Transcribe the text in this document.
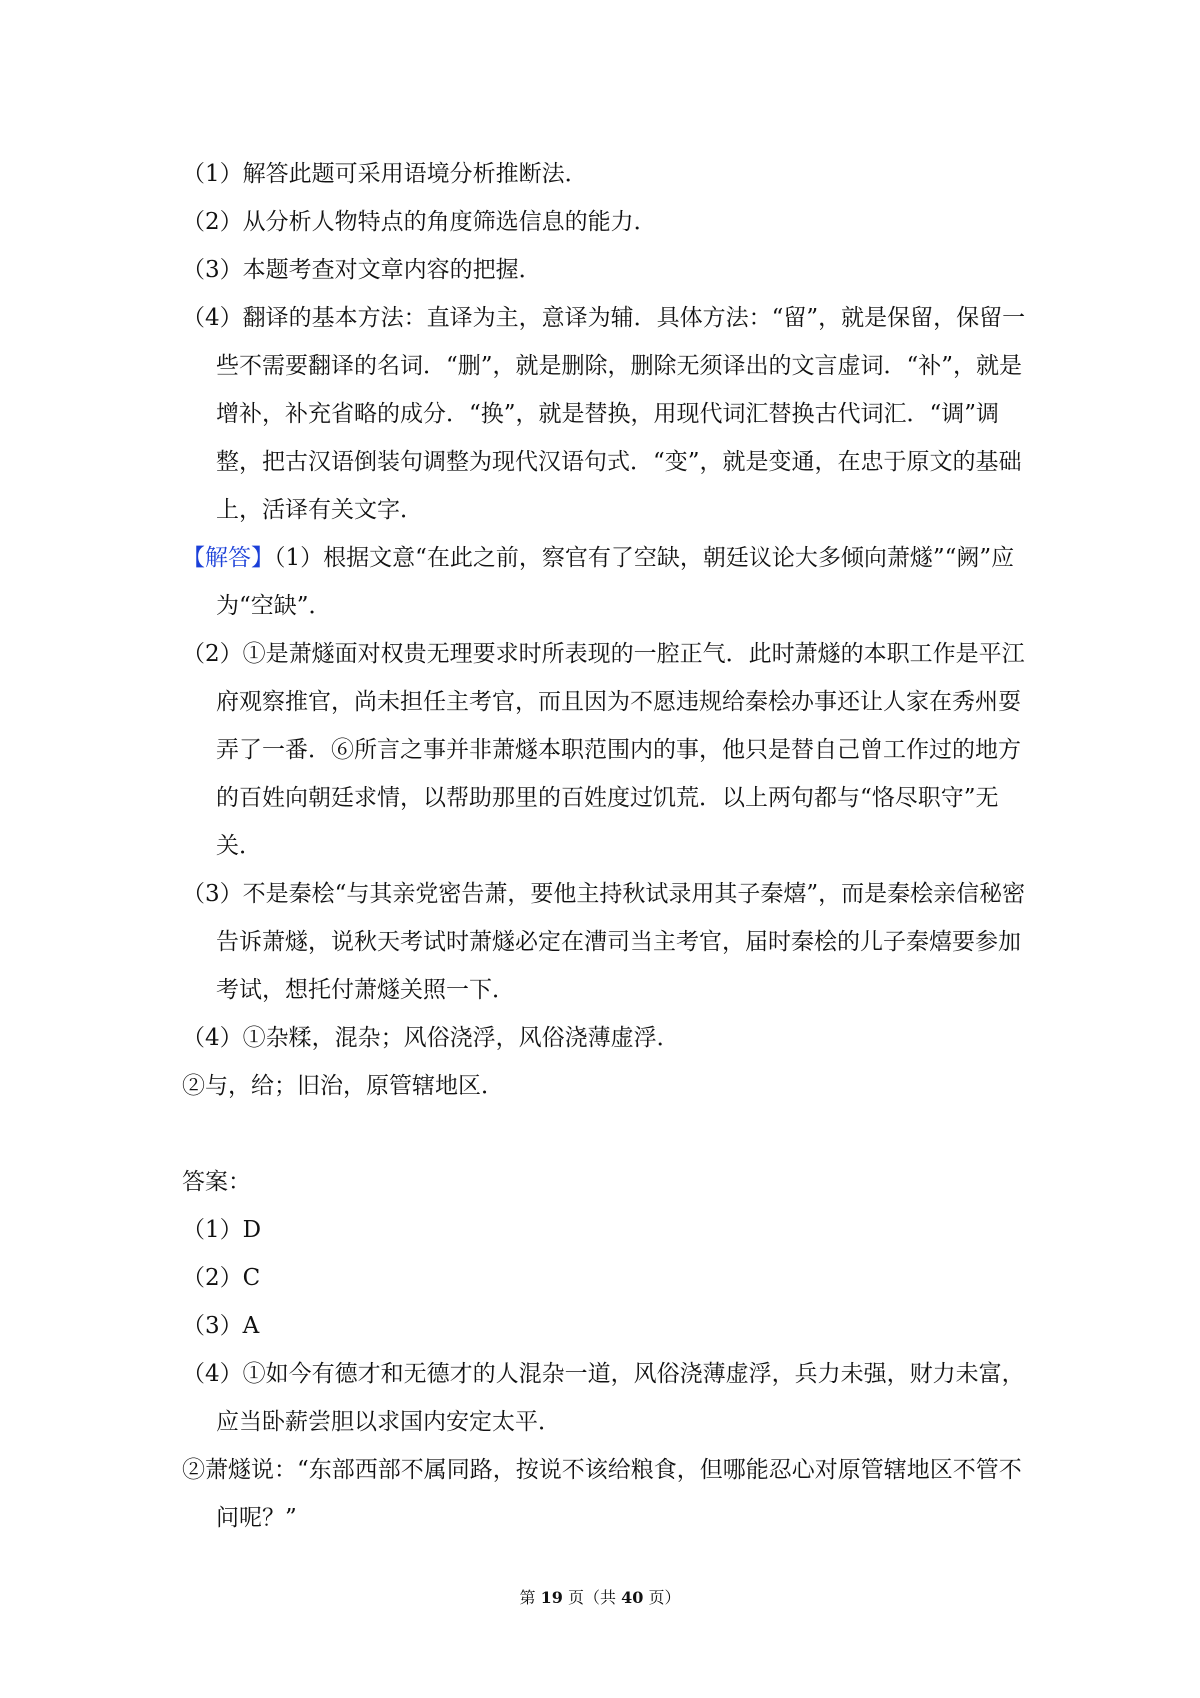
（1）解答此题可采用语境分析推断法．

（2）从分析人物特点的角度筛选信息的能力．

（3）本题考查对文章内容的把握．

（4）翻译的基本方法：直译为主，意译为辅．具体方法：“留”，就是保留，保留一些不需要翻译的名词．“删”，就是删除，删除无须译出的文言虚词．“补”，就是增补，补充省略的成分．“换”，就是替换，用现代词汇替换古代词汇．“调”调整，把古汉语倒装句调整为现代汉语句式．“变”，就是变通，在忠于原文的基础上，活译有关文字．

【解答】（1）根据文意“在此之前，察官有了空缺，朝廷议论大多倾向萧燧”“阙”应为“空缺”．

（2）①是萧燧面对权贵无理要求时所表现的一腔正气．此时萧燧的本职工作是平江府观察推官，尚未担任主考官，而且因为不愿违规给秦桧办事还让人家在秀州耍弄了一番．⑥所言之事并非萧燧本职范围内的事，他只是替自己曾工作过的地方的百姓向朝廷求情，以帮助那里的百姓度过饥荒．以上两句都与“恪尽职守”无关．

（3）不是秦桧“与其亲党密告萧，要他主持秋试录用其子秦熺”，而是秦桧亲信秘密告诉萧燧，说秋天考试时萧燧必定在漕司当主考官，届时秦桧的儿子秦熺要参加考试，想托付萧燧关照一下．

（4）①杂糅，混杂；风俗浇浮，风俗浇薄虚浮．

②与，给；旧治，原管辖地区．

答案：

（1）D

（2）C

（3）A

（4）①如今有德才和无德才的人混杂一道，风俗浇薄虚浮，兵力未强，财力未富，应当卧薪尝胆以求国内安定太平．

②萧燧说：“东部西部不属同路，按说不该给粮食，但哪能忍心对原管辖地区不管不问呢？”

第 19 页（共 40 页）
